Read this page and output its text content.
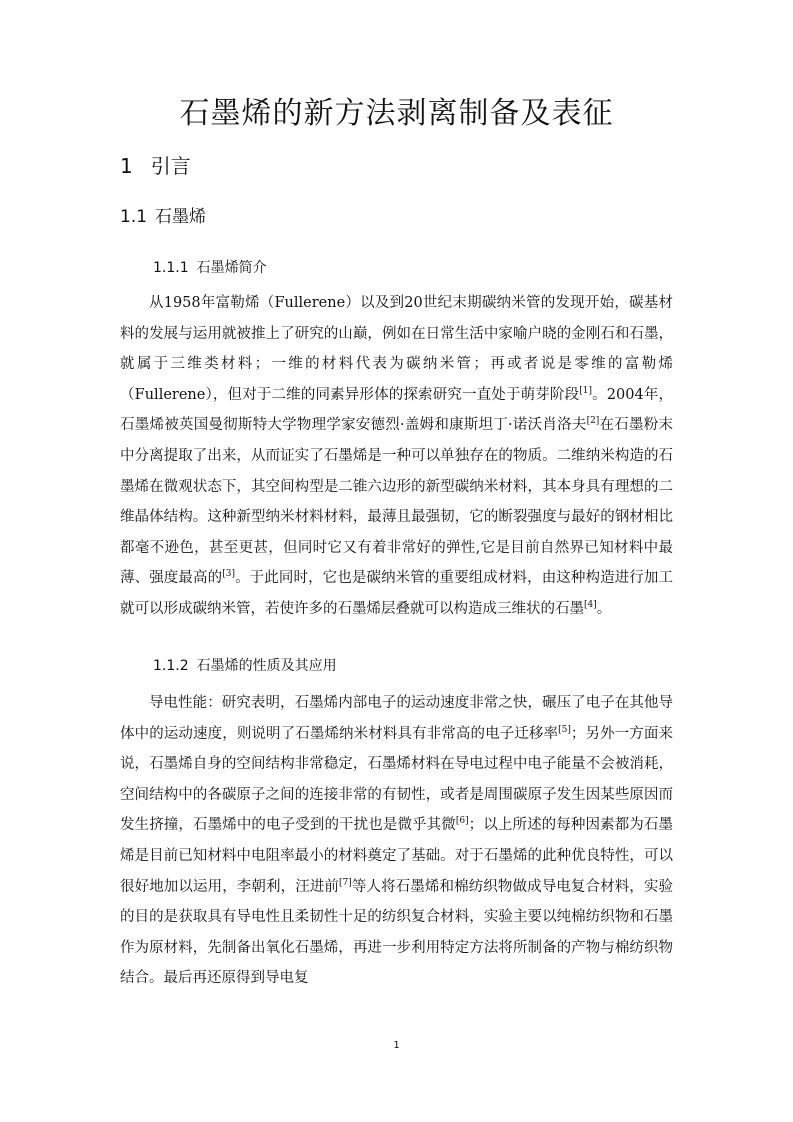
石墨烯的新方法剥离制备及表征
1 引言
1.1 石墨烯
1.1.1 石墨烯简介

从1958年富勒烯（Fullerene）以及到20世纪末期碳纳米管的发现开始，碳基材料的发展与运用就被推上了研究的山巅，例如在日常生活中家喻户晓的金刚石和石墨，就属于三维类材料；一维的材料代表为碳纳米管；再或者说是零维的富勒烯（Fullerene），但对于二维的同素异形体的探索研究一直处于萌芽阶段[1]。2004年，石墨烯被英国曼彻斯特大学物理学家安德烈·盖姆和康斯坦丁·诺沃肖洛夫[2]在石墨粉末中分离提取了出来，从而证实了石墨烯是一种可以单独存在的物质。二维纳米构造的石墨烯在微观状态下，其空间构型是二锥六边形的新型碳纳米材料，其本身具有理想的二维晶体结构。这种新型纳米材料材料，最薄且最强韧，它的断裂强度与最好的钢材相比都毫不逊色，甚至更甚，但同时它又有着非常好的弹性,它是目前自然界已知材料中最薄、强度最高的[3]。于此同时，它也是碳纳米管的重要组成材料，由这种构造进行加工就可以形成碳纳米管，若使许多的石墨烯层叠就可以构造成三维状的石墨[4]。

1.1.2 石墨烯的性质及其应用

导电性能：研究表明，石墨烯内部电子的运动速度非常之快，碾压了电子在其他导体中的运动速度，则说明了石墨烯纳米材料具有非常高的电子迁移率[5]；另外一方面来说，石墨烯自身的空间结构非常稳定，石墨烯材料在导电过程中电子能量不会被消耗，空间结构中的各碳原子之间的连接非常的有韧性，或者是周围碳原子发生因某些原因而发生挤撞，石墨烯中的电子受到的干扰也是微乎其微[6]；以上所述的每种因素都为石墨烯是目前已知材料中电阻率最小的材料奠定了基础。对于石墨烯的此种优良特性，可以很好地加以运用，李朝利，汪进前[7]等人将石墨烯和棉纺织物做成导电复合材料，实验的目的是获取具有导电性且柔韧性十足的纺织复合材料，实验主要以纯棉纺织物和石墨作为原材料，先制备出氧化石墨烯，再进一步利用特定方法将所制备的产物与棉纺织物结合。最后再还原得到导电复

1
